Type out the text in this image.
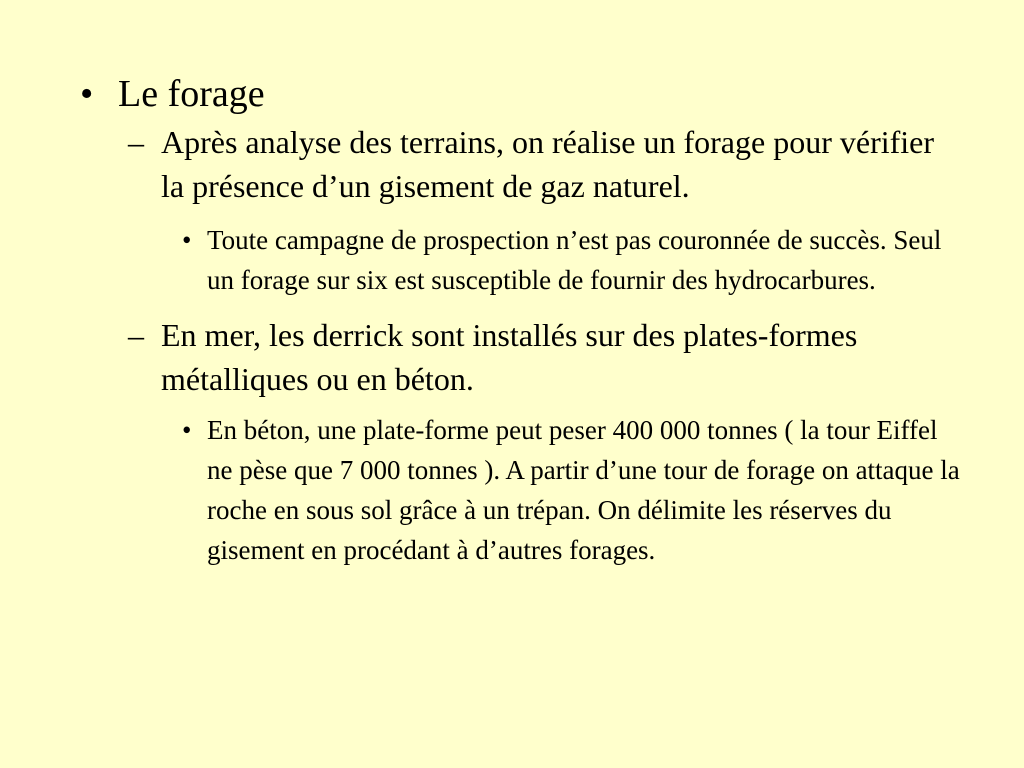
• Le forage
– Après analyse des terrains, on réalise un forage pour vérifier la présence d’un gisement de gaz naturel.
• Toute campagne de prospection n’est pas couronnée de succès. Seul un forage sur six est susceptible de fournir des hydrocarbures.
– En mer, les derrick sont installés sur des plates-formes métalliques ou en béton.
• En béton, une plate-forme peut peser 400 000 tonnes ( la tour Eiffel ne pèse que 7 000 tonnes ). A partir d’une tour de forage on attaque la roche en sous sol grâce à un trépan. On délimite les réserves du gisement en procédant à d’autres forages.
